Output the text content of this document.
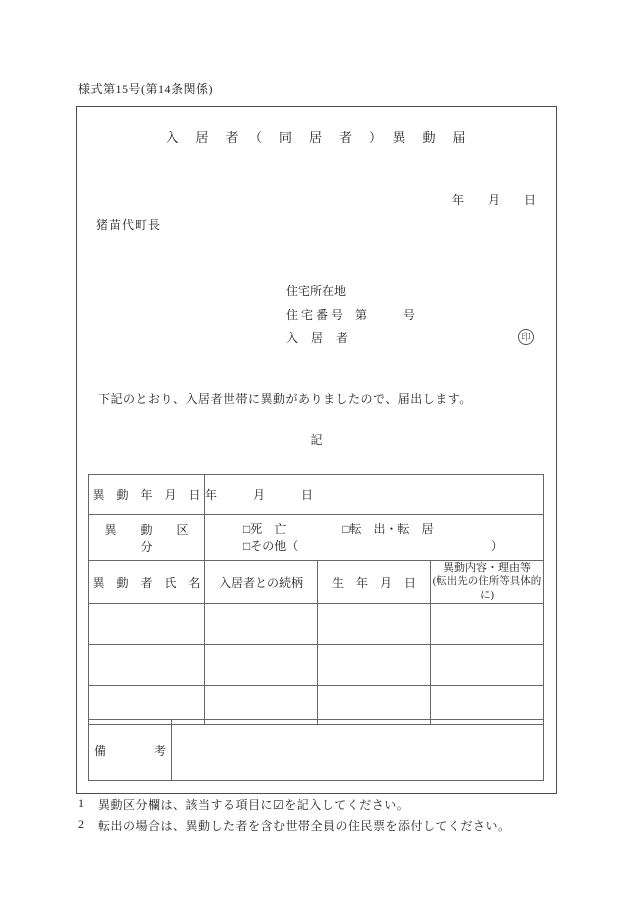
様式第15号(第14条関係)
入　居　者　（　同　居　者　）　異　動　届
年　　月　　日
猪苗代町長
住宅所在地
住 宅 番 号　第　　　号
入　居　者	印
下記のとおり、入居者世帯に異動がありましたので、届出します。
記
異　動　年　月　日	年　　　月　　　日		
異　　動　　区　　分	□死　亡 □転　出・転　居
□その他（ ）		

異　動　者　氏　名	入居者との続柄	生　年　月　日	異動内容・理由等
(転出先の住所等具体的に)

備　　　　考	
1	異動区分欄は、該当する項目に☑を記入してください。
2	転出の場合は、異動した者を含む世帯全員の住民票を添付してください。
